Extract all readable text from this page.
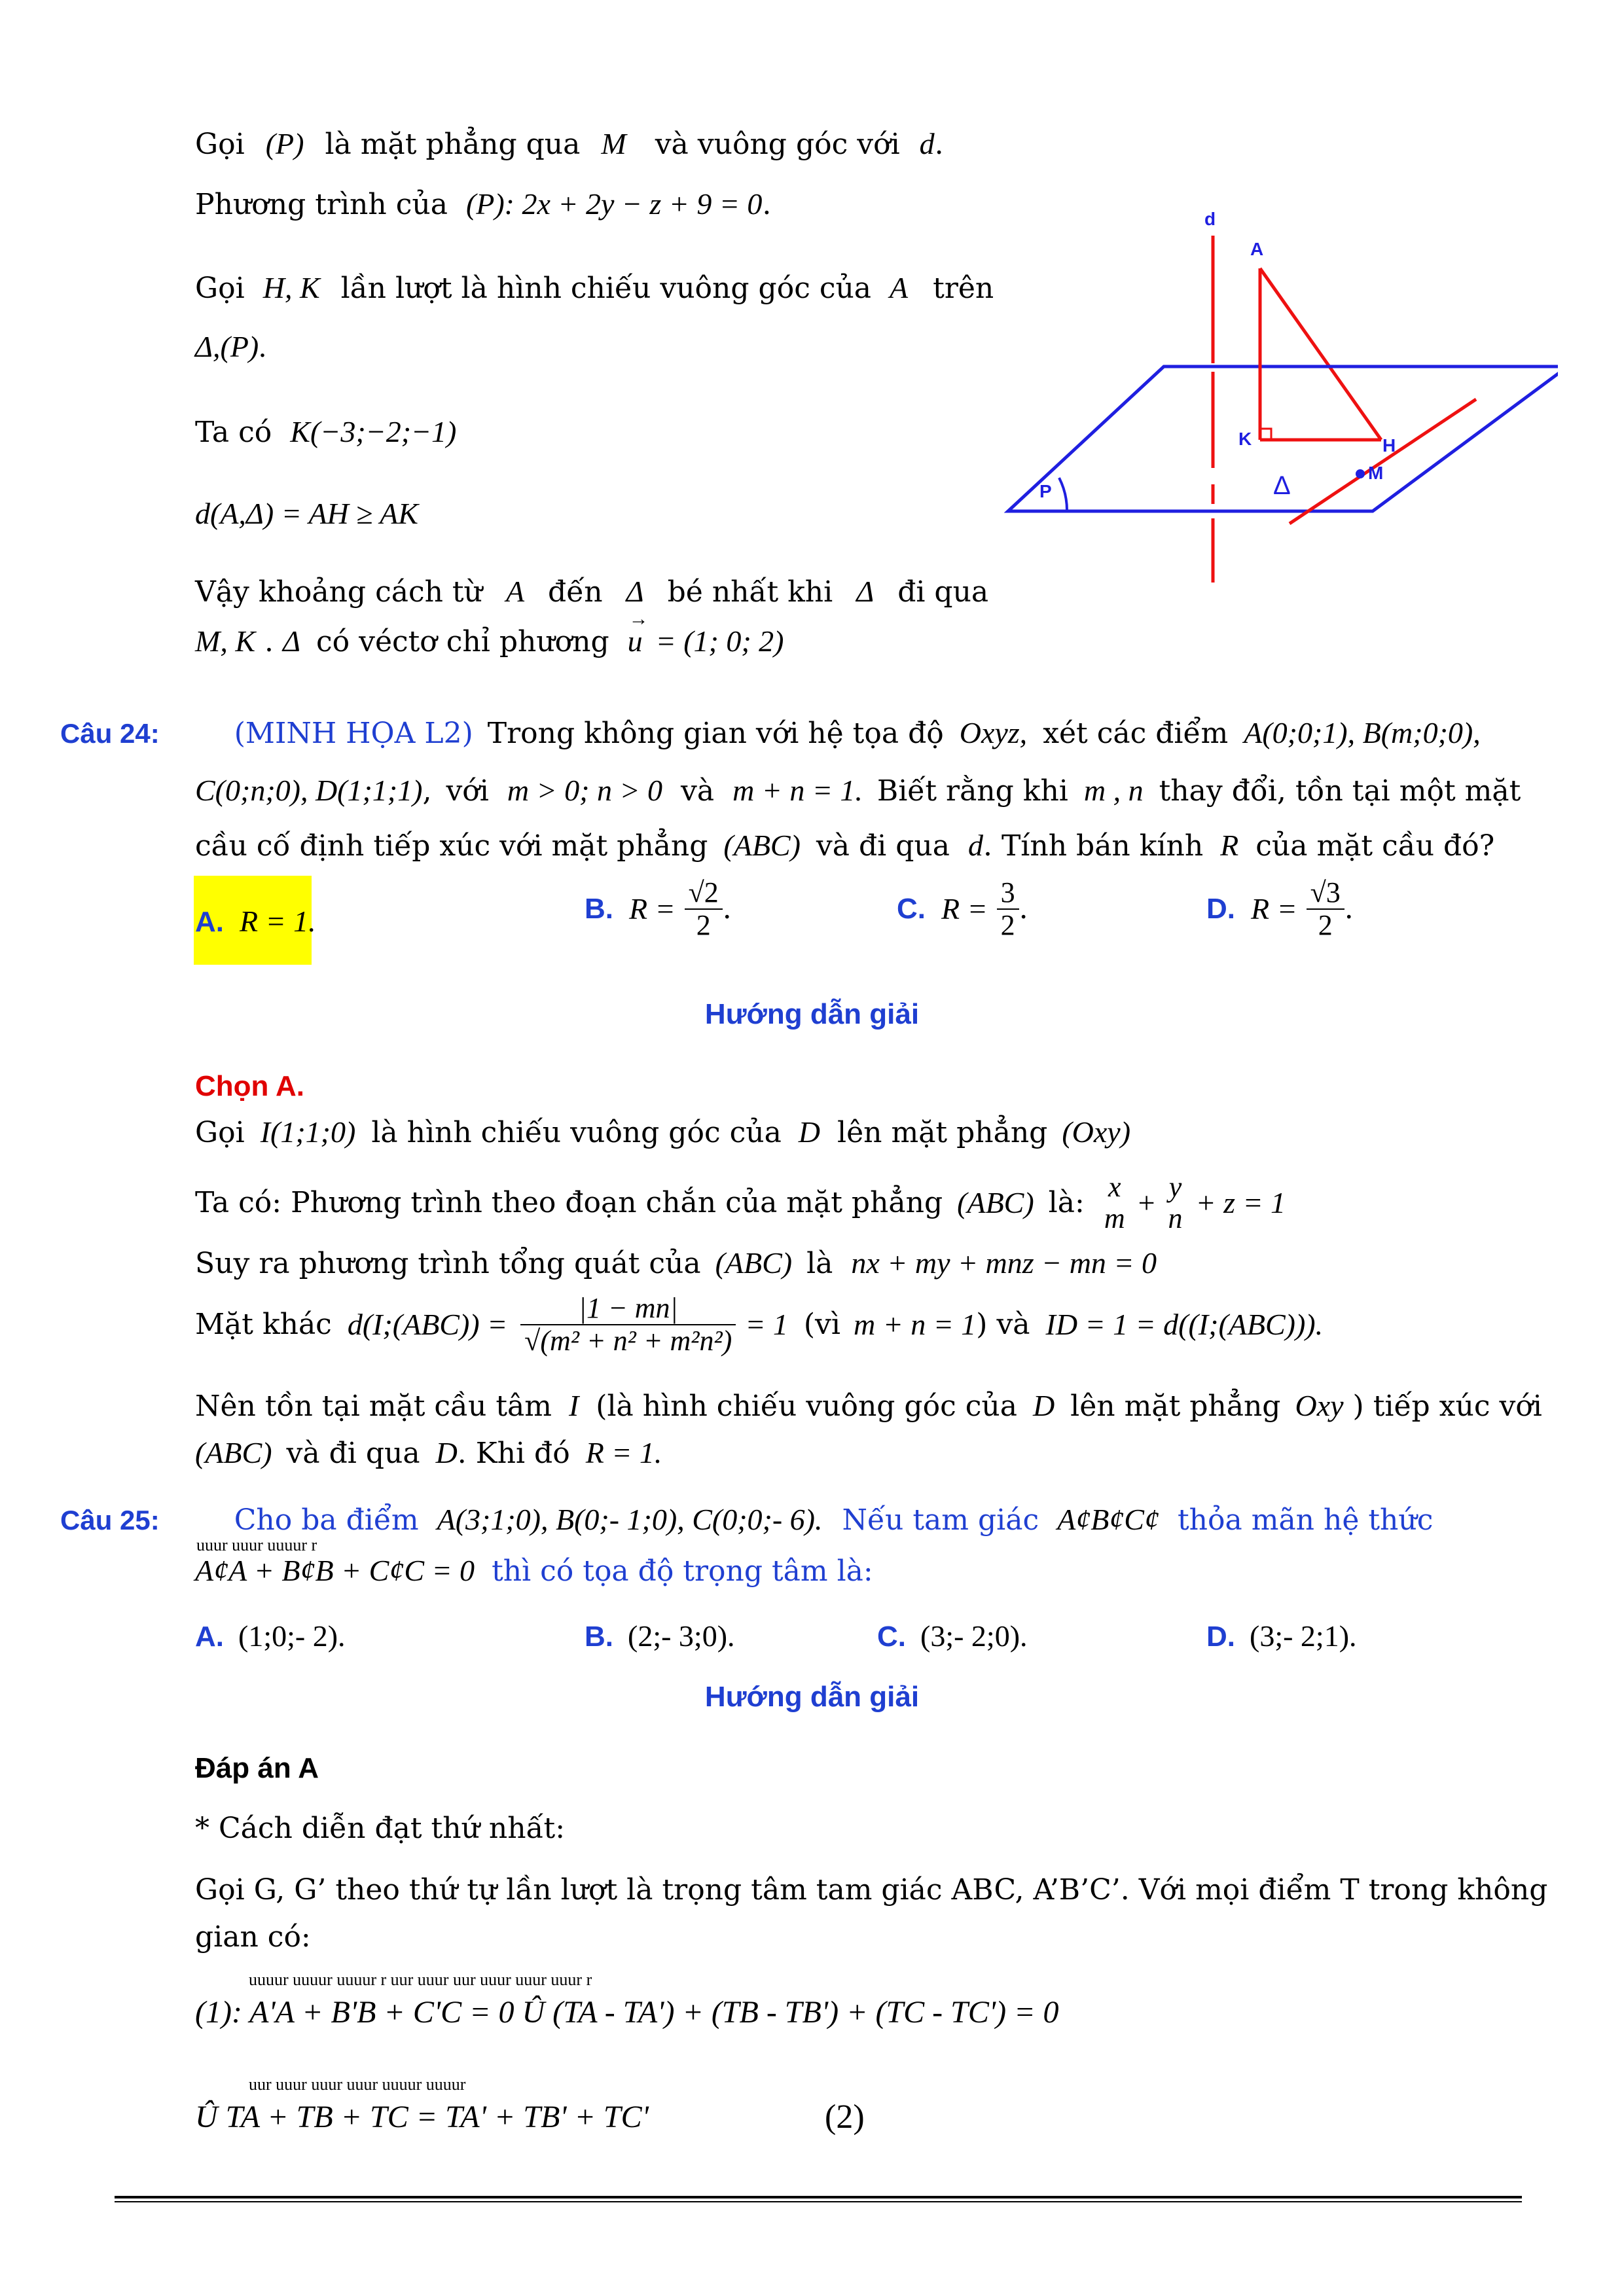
Gọi (P) là mặt phẳng qua M và vuông góc với d.
Phương trình của (P): 2x + 2y − z + 9 = 0.
Gọi H, K lần lượt là hình chiếu vuông góc của A trên
Δ,(P).
Ta có K(−3;−2;−1)
d(A,Δ) = AH ≥ AK
Vậy khoảng cách từ A đến Δ bé nhất khi Δ đi qua
M, K . Δ có véctơ chỉ phương → u = (1; 0; 2)
d
A
K	H
M
P	Δ
Câu 24:	(MINH HỌA L2) Trong không gian với hệ tọa độ Oxyz, xét các điểm A(0;0;1), B(m;0;0),
C(0;n;0), D(1;1;1), với m > 0; n > 0 và m + n = 1. Biết rằng khi m , n thay đổi, tồn tại một mặt
cầu cố định tiếp xúc với mặt phẳng (ABC) và đi qua d. Tính bán kính R của mặt cầu đó?
A. R = 1.	B. $R = \frac{√2}{2}$ .	C. $R = \frac{3}{2}$ .	D. $R = \frac{√3}{2}$ .
Hướng dẫn giải
Chọn A.
Gọi I(1;1;0) là hình chiếu vuông góc của D lên mặt phẳng (Oxy)
Ta có: Phương trình theo đoạn chắn của mặt phẳng (ABC) là: x
m + y
n + z = 1
Suy ra phương trình tổng quát của (ABC) là nx + my + mnz − mn = 0
Mặt khác d(I;(ABC)) = $\frac{|1 - mn|}{\text{√(m² + n² + m²n²)}} = 1$ (vì m + n = 1) và ID = 1 = d((I;(ABC))).
Nên tồn tại mặt cầu tâm I (là hình chiếu vuông góc của D lên mặt phẳng Oxy ) tiếp xúc với
(ABC) và đi qua D. Khi đó R = 1.
Câu 25:	Cho ba điểm A(3;1;0), B(0;- 1;0), C(0;0;- 6). Nếu tam giác A¢B¢C¢ thỏa mãn hệ thức
uuur uuur uuuur r
A¢A + B¢B + C¢C = 0 thì có tọa độ trọng tâm là:
A. (1;0;- 2).	B. (2;- 3;0).	C. (3;- 2;0).	D. (3;- 2;1).
Hướng dẫn giải
Đáp án A
* Cách diễn đạt thứ nhất:
Gọi G, G’ theo thứ tự lần lượt là trọng tâm tam giác ABC, A’B’C’. Với mọi điểm T trong không
gian có:
uuuur uuuur uuuur r uur uuur uur uuur uuur uuur r
(1): A'A + B'B + C'C = 0 Û (TA - TA') + (TB - TB') + (TC - TC') = 0
uur uuur uuur uuur uuuur uuuur
Û TA + TB + TC = TA' + TB' + TC'	(2)
